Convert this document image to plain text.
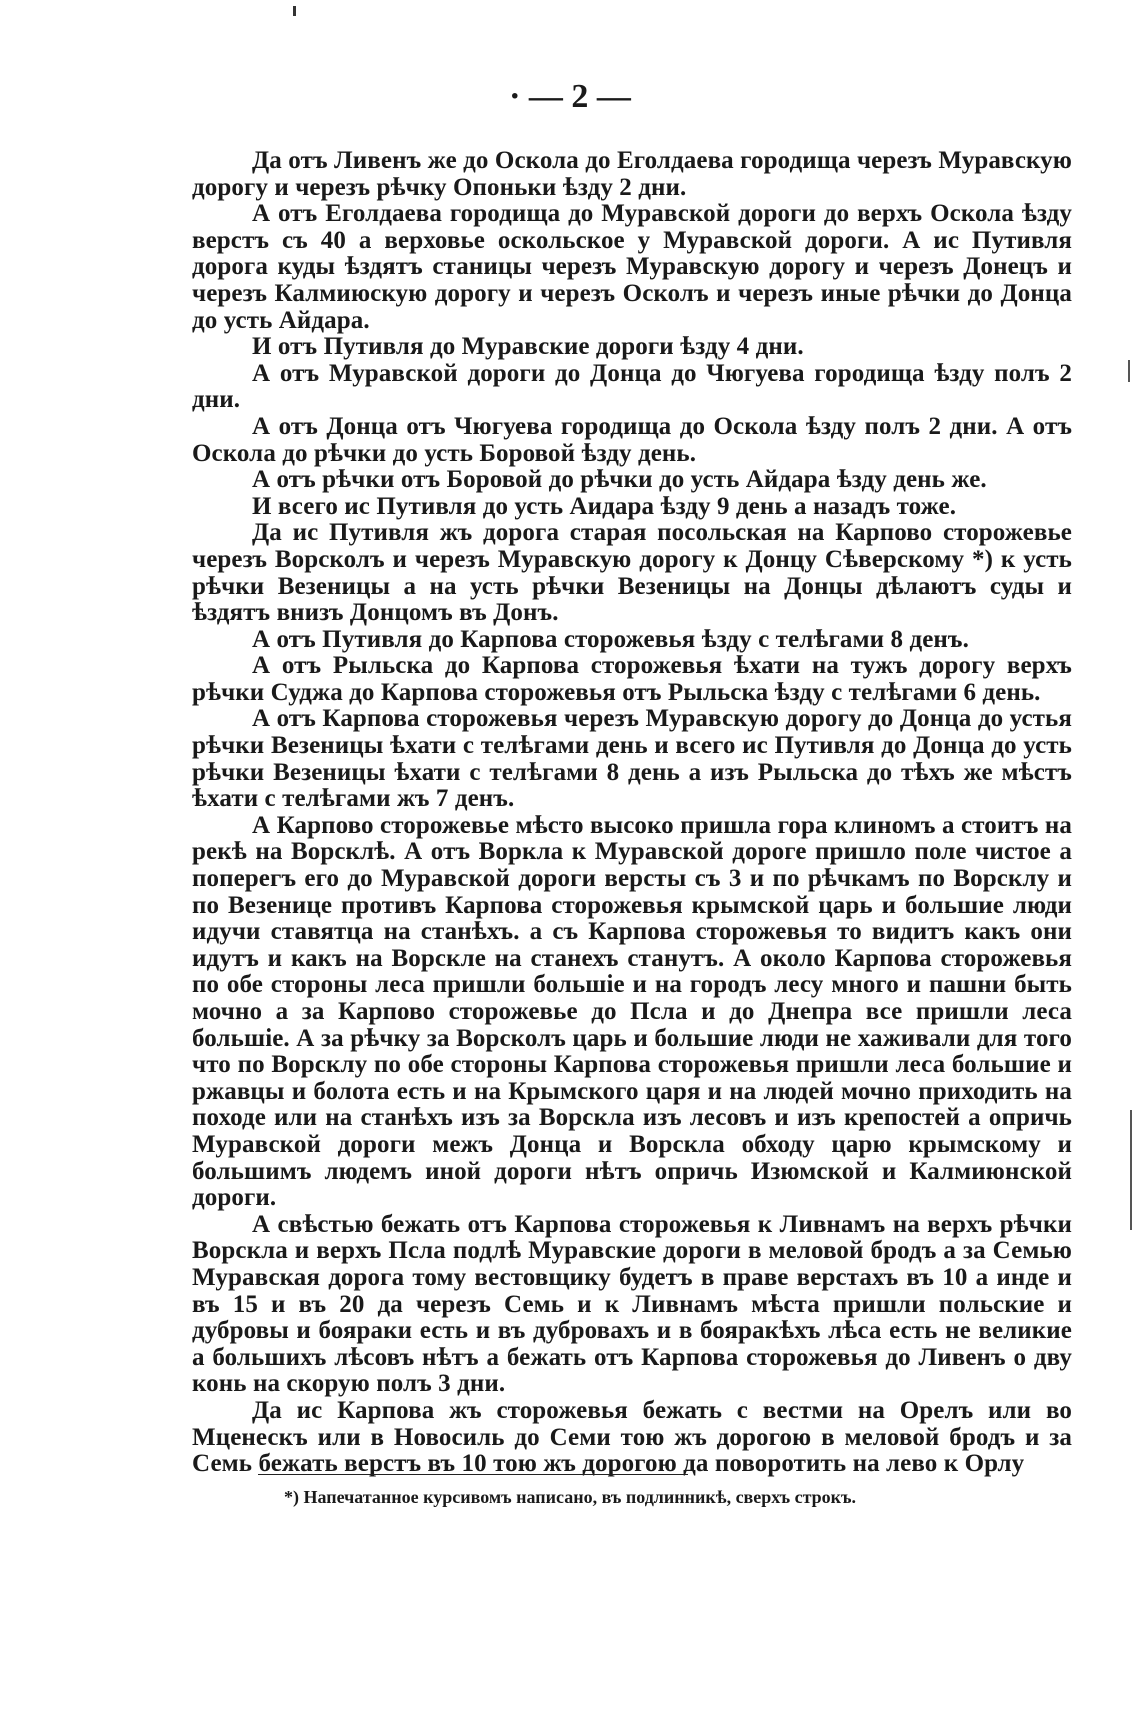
· — 2 —

Да отъ Ливенъ же до Оскола до Еголдаева городища черезъ Муравскую дорогу и черезъ рѣчку Опоньки ѣзду 2 дни.

А отъ Еголдаева городища до Муравской дороги до верхъ Оскола ѣзду верстъ съ 40 а верховье оскольское у Муравской дороги. А ис Путивля дорога куды ѣздятъ станицы черезъ Муравскую дорогу и черезъ Донецъ и черезъ Калмиюскую дорогу и черезъ Осколъ и черезъ иные рѣчки до Донца до усть Айдара.

И отъ Путивля до Муравские дороги ѣзду 4 дни.

А отъ Муравской дороги до Донца до Чюгуева городища ѣзду полъ 2 дни.

А отъ Донца отъ Чюгуева городища до Оскола ѣзду полъ 2 дни. А отъ Оскола до рѣчки до усть Боровой ѣзду день.

А отъ рѣчки отъ Боровой до рѣчки до усть Айдара ѣзду день же.

И всего ис Путивля до усть Аидара ѣзду 9 день а назадъ тоже.

Да ис Путивля жъ дорога старая посольская на Карпово сторожевье черезъ Ворсколъ и черезъ Муравскую дорогу к Донцу Сѣверскому *) к усть рѣчки Везеницы а на усть рѣчки Везеницы на Донцы дѣлаютъ суды и ѣздятъ внизъ Донцомъ въ Донъ.

А отъ Путивля до Карпова сторожевья ѣзду с телѣгами 8 денъ.

А отъ Рыльска до Карпова сторожевья ѣхати на тужъ дорогу верхъ рѣчки Суджа до Карпова сторожевья отъ Рыльска ѣзду с телѣгами 6 день.

А отъ Карпова сторожевья черезъ Муравскую дорогу до Донца до устья рѣчки Везеницы ѣхати с телѣгами день и всего ис Путивля до Донца до усть рѣчки Везеницы ѣхати с телѣгами 8 день а изъ Рыльска до тѣхъ же мѣстъ ѣхати с телѣгами жъ 7 денъ.

А Карпово сторожевье мѣсто высоко пришла гора клиномъ а стоитъ на рекѣ на Ворсклѣ. А отъ Воркла к Муравской дороге пришло поле чистое а поперегъ его до Муравской дороги версты съ 3 и по рѣчкамъ по Ворсклу и по Везенице противъ Карпова сторожевья крымской царь и большие люди идучи ставятца на станѣхъ. а съ Карпова сторожевья то видитъ какъ они идутъ и какъ на Ворскле на станехъ станутъ. А около Карпова сторожевья по обе стороны леса пришли большіе и на городъ лесу много и пашни быть мочно а за Карпово сторожевье до Псла и до Днепра все пришли леса большіе. А за рѣчку за Ворсколъ царь и большие люди не хаживали для того что по Ворсклу по обе стороны Карпова сторожевья пришли леса большие и ржавцы и болота есть и на Крымского царя и на людей мочно приходить на походе или на станѣхъ изъ за Ворскла изъ лесовъ и изъ крепостей а опричь Муравской дороги межъ Донца и Ворскла обходу царю крымскому и большимъ людемъ иной дороги нѣтъ опричь Изюмской и Калмиюнской дороги.

А свѣстью бежать отъ Карпова сторожевья к Ливнамъ на верхъ рѣчки Ворскла и верхъ Псла подлѣ Муравские дороги в меловой бродъ а за Семью Муравская дорога тому вестовщику будетъ в праве верстахъ въ 10 а инде и въ 15 и въ 20 да черезъ Семь и к Ливнамъ мѣста пришли польские и дубровы и боярaки есть и въ дубровахъ и в бояракѣхъ лѣса есть не великие а большихъ лѣсовъ нѣтъ а бежать отъ Карпова сторожевья до Ливенъ о дву конь на скорую полъ 3 дни.

Да ис Карпова жъ сторожевья бежать с вестми на Орелъ или во Мценескъ или в Новосиль до Семи тою жъ дорогою в меловой бродъ и за Семь бежать верстъ въ 10 тою жъ дорогою да поворотить на лево к Орлу

*) Напечатанное курсивомъ написано, въ подлинникѣ, сверхъ строкъ.
